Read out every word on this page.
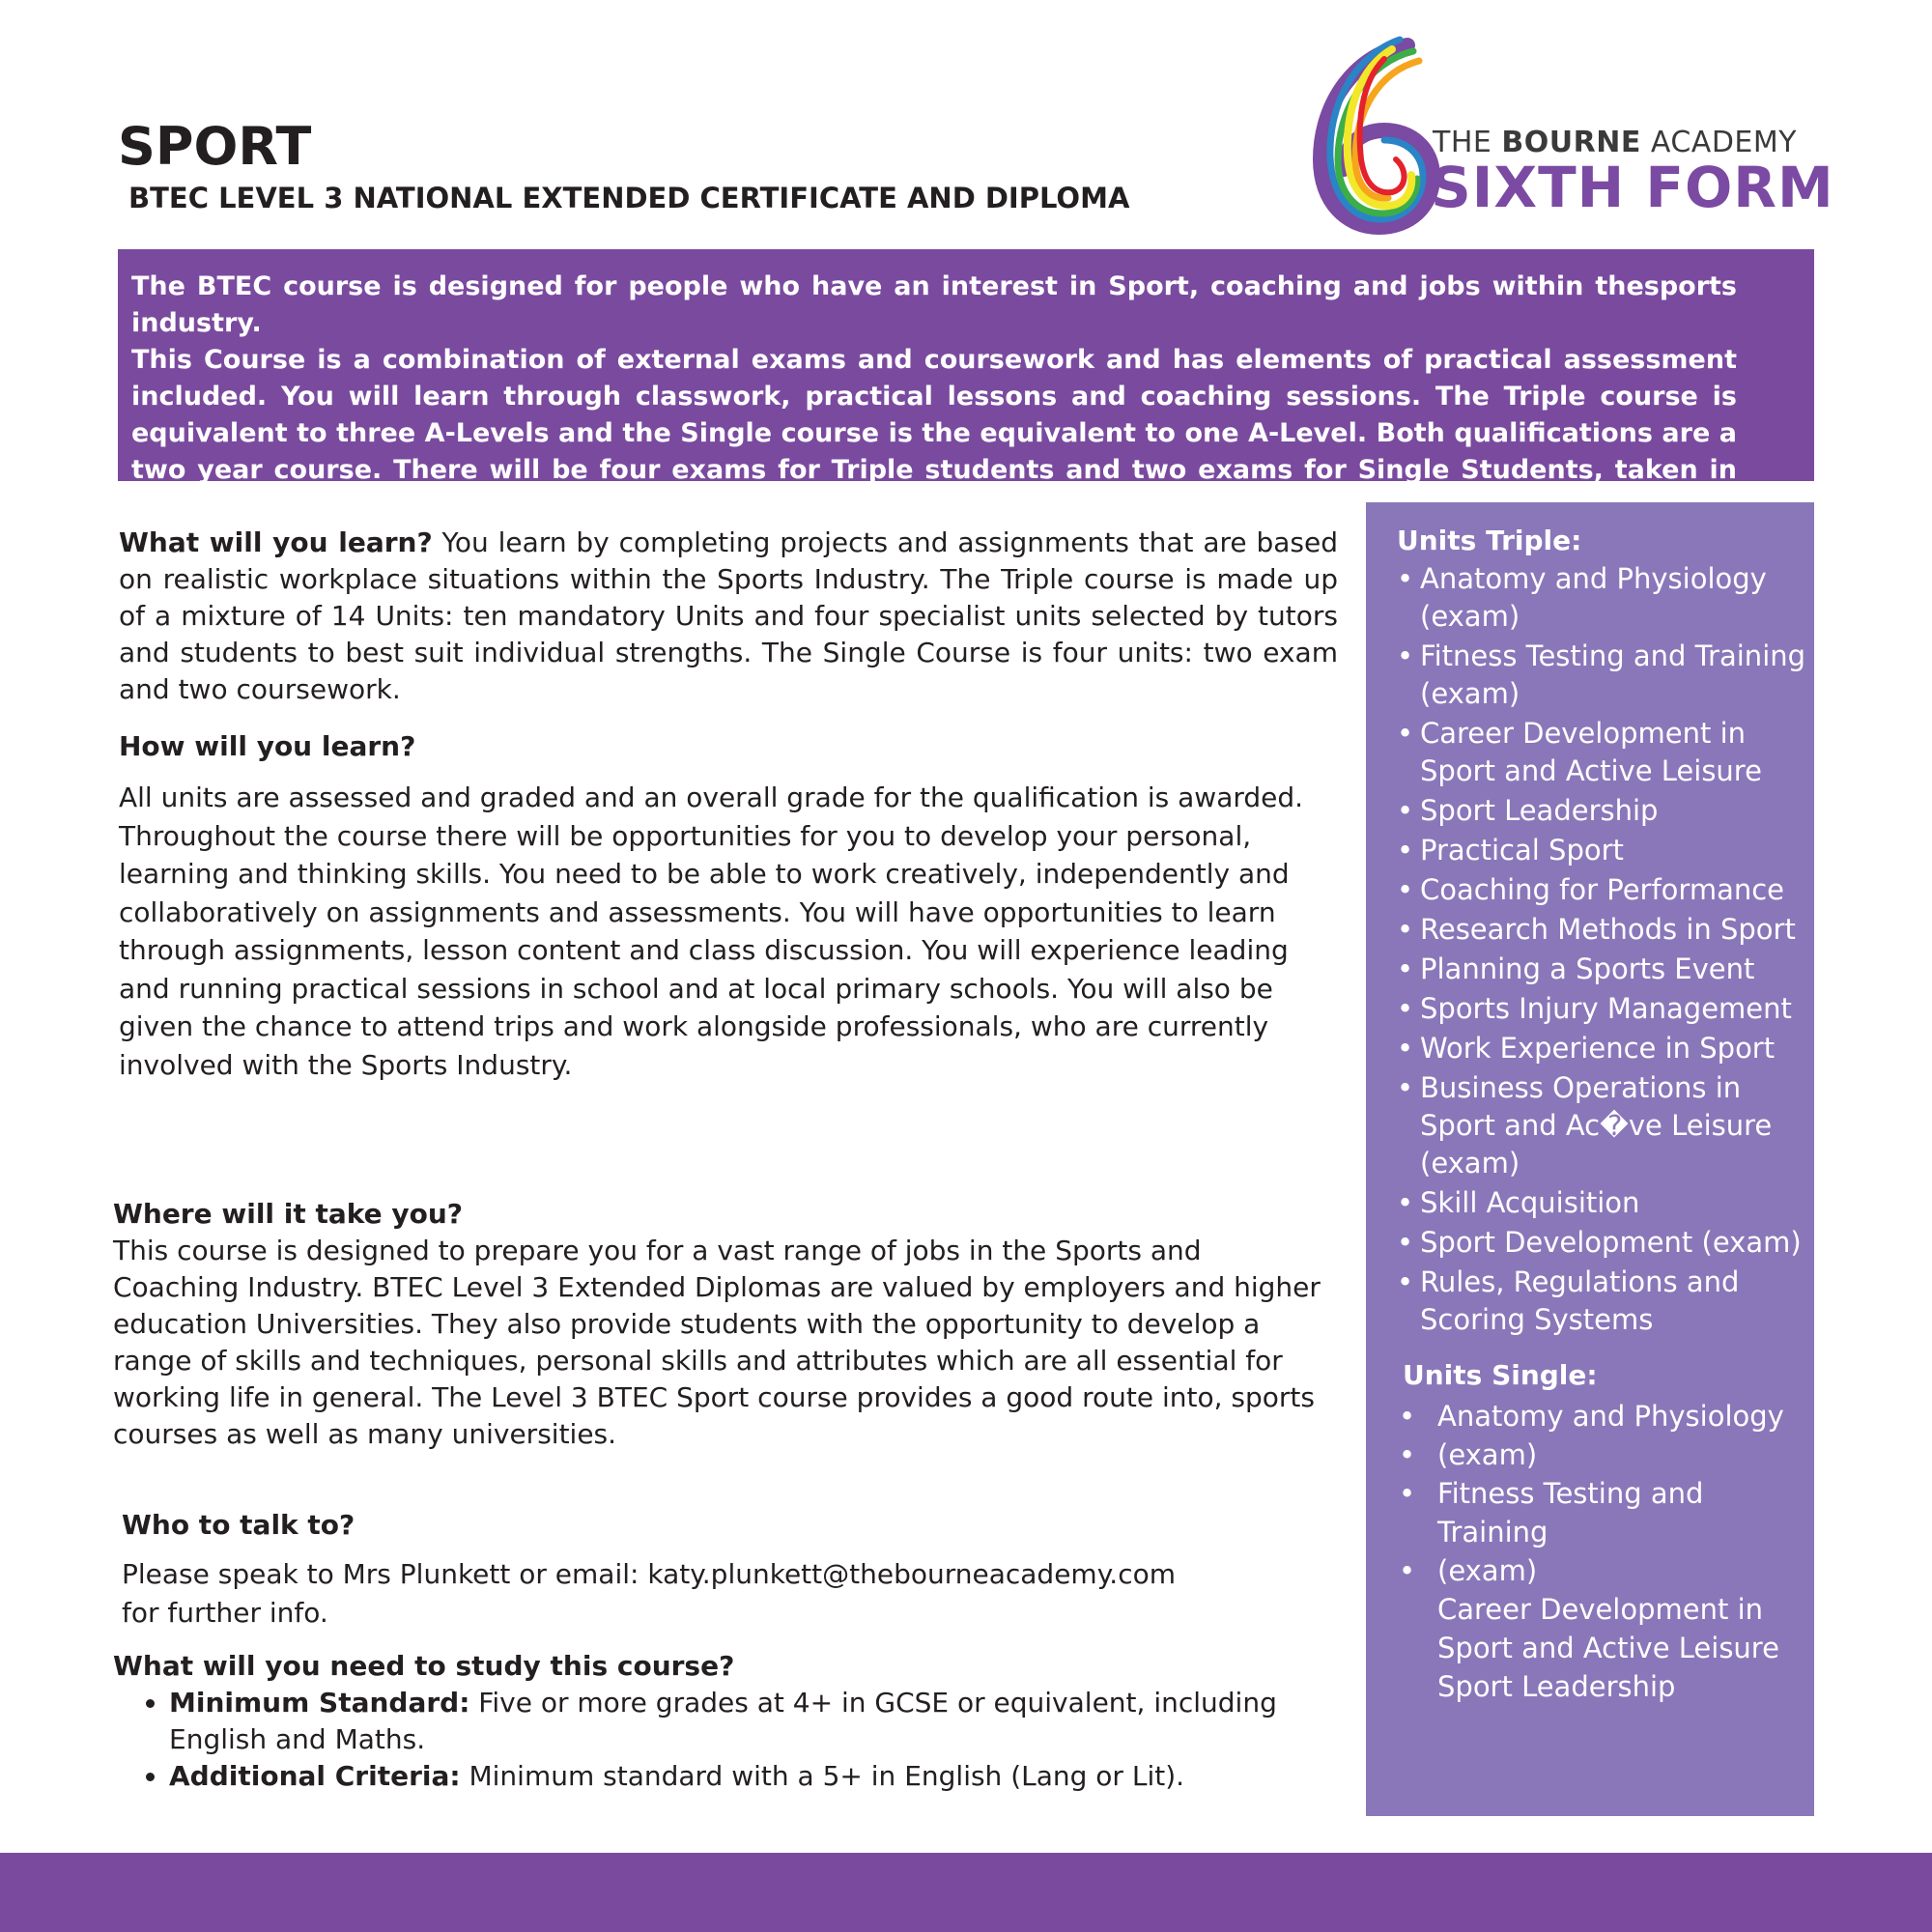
SPORT
BTEC LEVEL 3 NATIONAL EXTENDED CERTIFICATE AND DIPLOMA
THE BOURNE ACADEMY
SIXTH FORM

The BTEC course is designed for people who have an interest in Sport, coaching and jobs within thesports industry.

This Course is a combination of external exams and coursework and has elements of practical assessment included. You will learn through classwork, practical lessons and coaching sessions. The Triple course is equivalent to three A-Levels and the Single course is the equivalent to one A-Level. Both qualifications are a two year course. There will be four exams for Triple students and two exams for Single Students, taken in January and May.

What will you learn? You learn by completing projects and assignments that are based on realistic workplace situations within the Sports Industry. The Triple course is made up of a mixture of 14 Units: ten mandatory Units and four specialist units selected by tutors and students to best suit individual strengths. The Single Course is four units: two exam and two coursework.

How will you learn?

All units are assessed and graded and an overall grade for the qualification is awarded. Throughout the course there will be opportunities for you to develop your personal, learning and thinking skills. You need to be able to work creatively, independently and collaboratively on assignments and assessments. You will have opportunities to learn through assignments, lesson content and class discussion. You will experience leading and running practical sessions in school and at local primary schools. You will also be given the chance to attend trips and work alongside professionals, who are currently involved with the Sports Industry.

Where will it take you?

This course is designed to prepare you for a vast range of jobs in the Sports and Coaching Industry. BTEC Level 3 Extended Diplomas are valued by employers and higher education Universities. They also provide students with the opportunity to develop a range of skills and techniques, personal skills and attributes which are all essential for working life in general. The Level 3 BTEC Sport course provides a good route into, sports courses as well as many universities.

Who to talk to?

Please speak to Mrs Plunkett or email: katy.plunkett@thebourneacademy.com
for further info.

What will you need to study this course?
• Minimum Standard: Five or more grades at 4+ in GCSE or equivalent, including English and Maths.
• Additional Criteria: Minimum standard with a 5+ in English (Lang or Lit).
Units Triple:
• Anatomy and Physiology (exam)
• Fitness Testing and Training (exam)
• Career Development in Sport and Active Leisure
• Sport Leadership
• Practical Sport
• Coaching for Performance
• Research Methods in Sport
• Planning a Sports Event
• Sports Injury Management
• Work Experience in Sport
• Business Operations in Sport and Ac�ve Leisure (exam)
• Skill Acquisition
• Sport Development (exam)
• Rules, Regulations and Scoring Systems
Units Single:
• Anatomy and Physiology
• (exam)
• Fitness Testing and Training
• (exam)
Career Development in
Sport and Active Leisure
Sport Leadership
